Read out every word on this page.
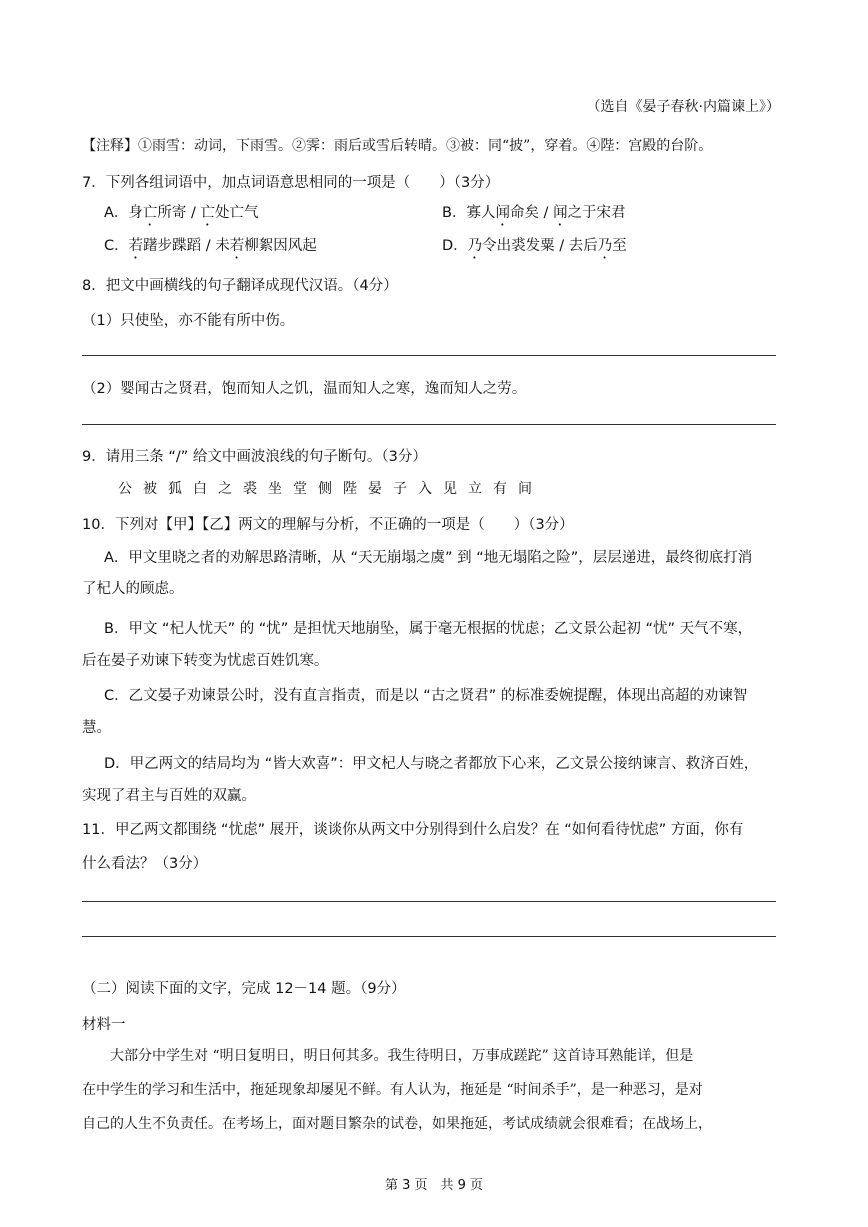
（选自《晏子春秋·内篇谏上》）
【注释】①雨雪：动词，下雨雪。②霁：雨后或雪后转晴。③被：同“披”，穿着。④陛：宫殿的台阶。
7．下列各组词语中，加点词语意思相同的一项是（　　）（3分）
A．身亡所寄 / 亡处亡气	B．寡人闻命矣 / 闻之于宋君
C．若躇步蹀蹈 / 未若柳絮因风起	D．乃令出裘发粟 / 去后乃至
8．把文中画横线的句子翻译成现代汉语。（4分）
（1）只使坠，亦不能有所中伤。
（2）婴闻古之贤君，饱而知人之饥，温而知人之寒，逸而知人之劳。
9．请用三条 “/” 给文中画波浪线的句子断句。（3分）
公被狐白之裘坐堂侧陛晏子入见立有间
10．下列对【甲】【乙】两文的理解与分析，不正确的一项是（　　）（3分）
A．甲文里晓之者的劝解思路清晰，从 “天无崩塌之虞” 到 “地无塌陷之险”，层层递进，最终彻底打消
了杞人的顾虑。
B．甲文 “杞人忧天” 的 “忧” 是担忧天地崩坠，属于毫无根据的忧虑；乙文景公起初 “忧” 天气不寒，
后在晏子劝谏下转变为忧虑百姓饥寒。
C．乙文晏子劝谏景公时，没有直言指责，而是以 “古之贤君” 的标准委婉提醒，体现出高超的劝谏智
慧。
D．甲乙两文的结局均为 “皆大欢喜”：甲文杞人与晓之者都放下心来，乙文景公接纳谏言、救济百姓，
实现了君主与百姓的双赢。
11．甲乙两文都围绕 “忧虑” 展开，谈谈你从两文中分别得到什么启发？在 “如何看待忧虑” 方面，你有
什么看法？（3分）
（二）阅读下面的文字，完成 12－14 题。（9分）
材料一
　　大部分中学生对 “明日复明日，明日何其多。我生待明日，万事成蹉跎” 这首诗耳熟能详，但是
在中学生的学习和生活中，拖延现象却屡见不鲜。有人认为，拖延是 “时间杀手”，是一种恶习，是对
自己的人生不负责任。在考场上，面对题目繁杂的试卷，如果拖延，考试成绩就会很难看；在战场上，
第 3 页　共 9 页
